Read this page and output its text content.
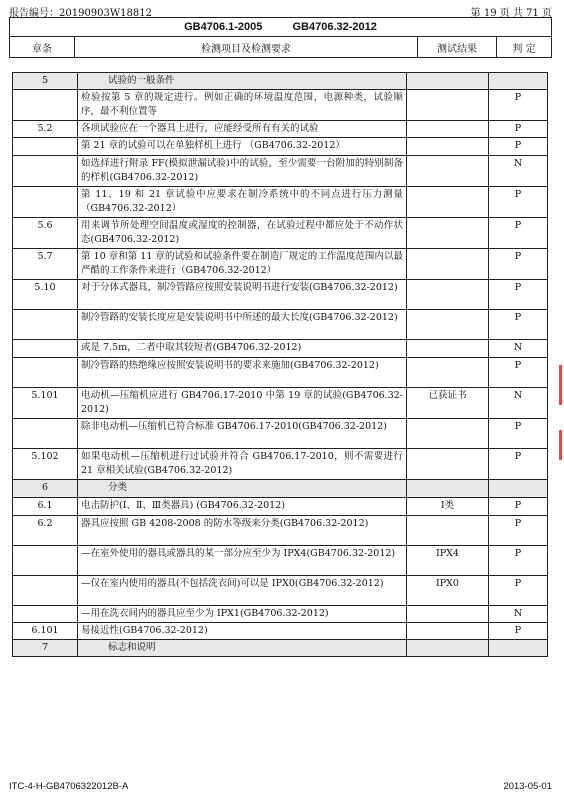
报告编号：20190903W18812	第 19 页 共 71 页
GB4706.1-2005	GB4706.32-2012
章条	检测项目及检测要求	测试结果	判 定
5	试验的一般条件		
	检验按第 5 章的规定进行。例如正确的环境温度范围，电源种类，试验顺序，最不利位置等		P
5.2	各项试验应在一个器具上进行，应能经受所有有关的试验		P
	第 21 章的试验可以在单独样机上进行 （GB4706.32-2012）		P
	如选择进行附录 FF(模拟泄漏试验)中的试验，至少需要一台附加的特别制备的样机(GB4706.32-2012)		N
	第 11、19 和 21 章试验中应要求在制冷系统中的不同点进行压力测量（GB4706.32-2012）		P
5.6	用来调节所处理空间温度或湿度的控制器，在试验过程中都应处于不动作状态(GB4706.32-2012)		P
5.7	第 10 章和第 11 章的试验和试验条件要在制造厂规定的工作温度范围内以最严酷的工作条件来进行（GB4706.32-2012）		P
5.10	对于分体式器具，制冷管路应按照安装说明书进行安装(GB4706.32-2012)		P
	制冷管路的安装长度应是安装说明书中所述的最大长度(GB4706.32-2012)		P
	或是 7.5m，二者中取其较短者(GB4706.32-2012)		N
	制冷管路的热绝缘应按照安装说明书的要求来施加(GB4706.32-2012)		P
5.101	电动机—压缩机应进行 GB4706.17-2010 中第 19 章的试验(GB4706.32-2012)	已获证书	N
	除非电动机—压缩机已符合标准 GB4706.17-2010(GB4706.32-2012)		P
5.102	如果电动机—压缩机进行过试验并符合 GB4706.17-2010，则不需要进行 21 章相关试验(GB4706.32-2012)		P
6	分类		
6.1	电击防护(Ⅰ、Ⅱ、Ⅲ类器具) (GB4706.32-2012)	Ⅰ类	P
6.2	器具应按照 GB 4208-2008 的防水等级来分类(GB4706.32-2012)		P
	—在室外使用的器具或器具的某一部分应至少为 IPX4(GB4706.32-2012)	IPX4	P
	—仅在室内使用的器具(不包括洗衣间)可以是 IPX0(GB4706.32-2012)	IPX0	P
	—用在洗衣间内的器具应至少为 IPX1(GB4706.32-2012)		N
6.101	易接近性(GB4706.32-2012)		P
7	标志和说明		
ITC-4-H-GB4706322012B-A	2013-05-01
